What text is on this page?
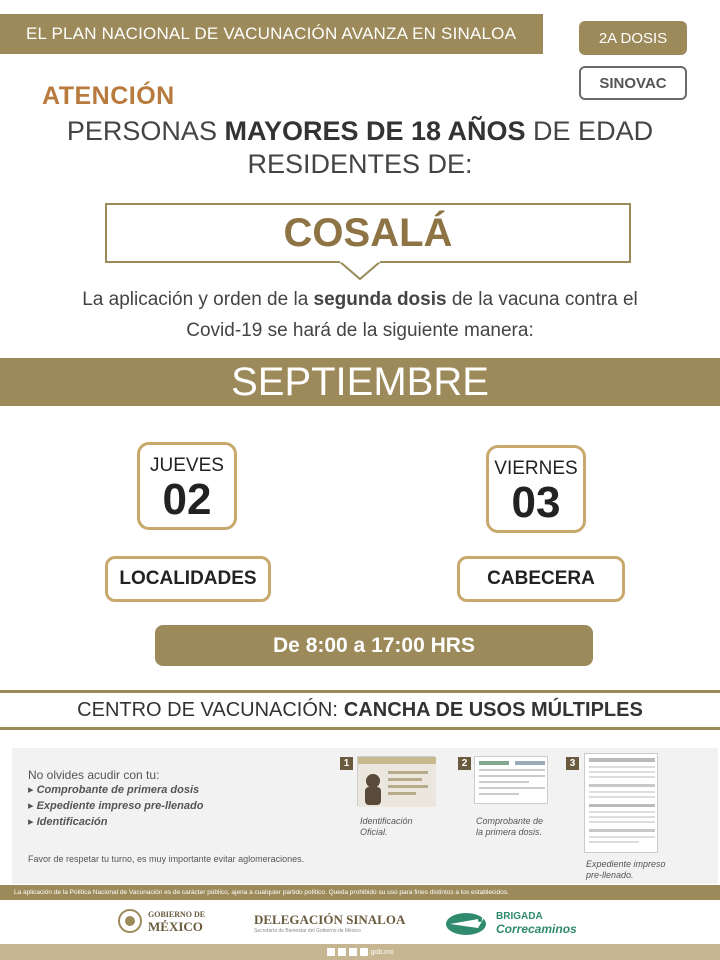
EL PLAN NACIONAL DE VACUNACIÓN AVANZA EN SINALOA	2A DOSIS
SINOVAC
ATENCIÓN
PERSONAS MAYORES DE 18 AÑOS DE EDAD
RESIDENTES DE:
COSALÁ
La aplicación y orden de la segunda dosis de la vacuna contra el
Covid-19 se hará de la siguiente manera:
SEPTIEMBRE
JUEVES
02
VIERNES
03
LOCALIDADES	CABECERA
De 8:00 a 17:00 HRS
CENTRO DE VACUNACIÓN: CANCHA DE USOS MÚLTIPLES
No olvides acudir con tu:
▸ Comprobante de primera dosis
▸ Expediente impreso pre-llenado
▸ Identificación
Favor de respetar tu turno, es muy importante evitar aglomeraciones.
1
Identificación
Oficial.
2
Comprobante de
la primera dosis.
3
Expediente impreso
pre-llenado.
La aplicación de la Política Nacional de Vacunación es de carácter público, ajena a cualquier partido político. Queda prohibido su uso para fines distintos a los establecidos.
GOBIERNO DE
MÉXICO	DELEGACIÓN SINALOA
Secretaría de Bienestar del Gobierno de México
BRIGADA
Correcaminos
gob.mx
